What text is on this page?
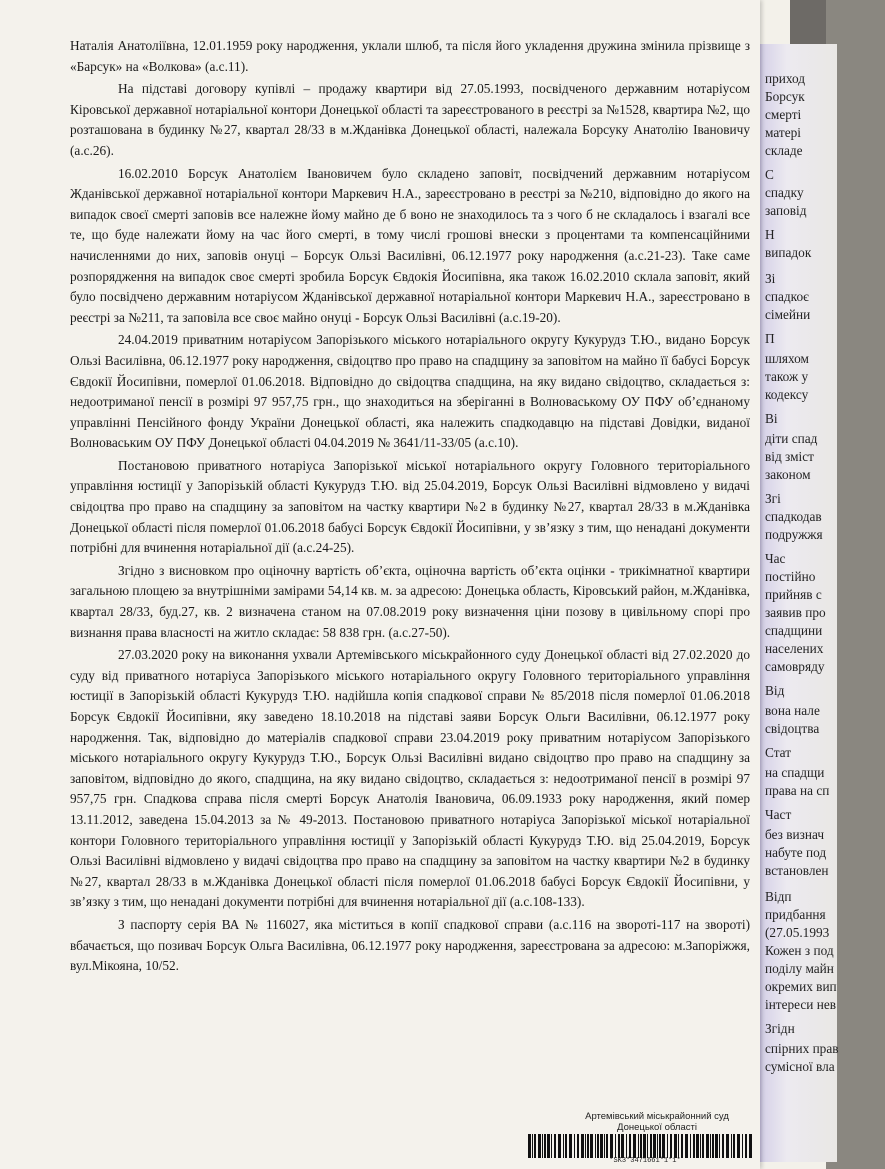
приход
Борсук
смерті
матері
складе
С
спадку
заповід
Н
випадок
Зі
спадкоє
сімейни
П
шляхом
також у
кодексу
Ві
діти спад
від зміст
законом
Згі
спадкодав
подружжя
Час
постійно
прийняв с
заявив про
спадщини
населених
самовряду
Від
вона нале
свідоцтва
Стат
на спадщи
права на сп
Част
без визнач
набуте под
встановлен
Відп
придбання
(27.05.1993
Кожен з под
поділу майн
окремих вип
інтереси нев
Згідн
спірних прав
сумісної вла

Наталія Анатоліївна, 12.01.1959 року народження, уклали шлюб, та після його укладення дружина змінила прізвище з «Барсук» на «Волкова» (а.с.11).

На підставі договору купівлі – продажу квартири від 27.05.1993, посвідченого державним нотаріусом Кіровської державної нотаріальної контори Донецької області та зареєстрованого в реєстрі за №1528, квартира №2, що розташована в будинку №27, квартал 28/33 в м.Жданівка Донецької області, належала Борсуку Анатолію Івановичу (а.с.26).

16.02.2010 Борсук Анатолієм Івановичем було складено заповіт, посвідчений державним нотаріусом Жданівської державної нотаріальної контори Маркевич Н.А., зареєстровано в реєстрі за №210, відповідно до якого на випадок своєї смерті заповів все належне йому майно де б воно не знаходилось та з чого б не складалось і взагалі все те, що буде належати йому на час його смерті, в тому числі грошові внески з процентами та компенсаційними начисленнями до них, заповів онуці – Борсук Ользі Василівні, 06.12.1977 року народження (а.с.21-23). Таке саме розпорядження на випадок своє смерті зробила Борсук Євдокія Йосипівна, яка також 16.02.2010 склала заповіт, який було посвідчено державним нотаріусом Жданівської державної нотаріальної контори Маркевич Н.А., зареєстровано в реєстрі за №211, та заповіла все своє майно онуці - Борсук Ользі Василівні (а.с.19-20).

24.04.2019 приватним нотаріусом Запорізького міського нотаріального округу Кукурудз Т.Ю., видано Борсук Ользі Василівна, 06.12.1977 року народження, свідоцтво про право на спадщину за заповітом на майно її бабусі Борсук Євдокії Йосипівни, померлої 01.06.2018. Відповідно до свідоцтва спадщина, на яку видано свідоцтво, складається з: недоотриманої пенсії в розмірі 97 957,75 грн., що знаходиться на зберіганні в Волноваському ОУ ПФУ об’єднаному управлінні Пенсійного фонду України Донецької області, яка належить спадкодавцю на підставі Довідки, виданої Волноваським ОУ ПФУ Донецької області 04.04.2019 № 3641/11-33/05 (а.с.10).

Постановою приватного нотаріуса Запорізької міської нотаріального округу Головного територіального управління юстиції у Запорізькій області Кукурудз Т.Ю. від 25.04.2019, Борсук Ользі Василівні відмовлено у видачі свідоцтва про право на спадщину за заповітом на частку квартири №2 в будинку №27, квартал 28/33 в м.Жданівка Донецької області після померлої 01.06.2018 бабусі Борсук Євдокії Йосипівни, у зв’язку з тим, що ненадані документи потрібні для вчинення нотаріальної дії (а.с.24-25).

Згідно з висновком про оціночну вартість об’єкта, оціночна вартість об’єкта оцінки - трикімнатної квартири загальною площею за внутрішніми замірами 54,14 кв. м. за адресою: Донецька область, Кіровський район, м.Жданівка, квартал 28/33, буд.27, кв. 2 визначена станом на 07.08.2019 року визначення ціни позову в цивільному спорі про визнання права власності на житло складає: 58 838 грн. (а.с.27-50).

27.03.2020 року на виконання ухвали Артемівського міськрайонного суду Донецької області від 27.02.2020 до суду від приватного нотаріуса Запорізького міського нотаріального округу Головного територіального управління юстиції в Запорізькій області Кукурудз Т.Ю. надійшла копія спадкової справи № 85/2018 після померлої 01.06.2018 Борсук Євдокії Йосипівни, яку заведено 18.10.2018 на підставі заяви Борсук Ольги Василівни, 06.12.1977 року народження. Так, відповідно до матеріалів спадкової справи 23.04.2019 року приватним нотаріусом Запорізького міського нотаріального округу Кукурудз Т.Ю., Борсук Ользі Василівні видано свідоцтво про право на спадщину за заповітом, відповідно до якого, спадщина, на яку видано свідоцтво, складається з: недоотриманої пенсії в розмірі 97 957,75 грн. Спадкова справа після смерті Борсук Анатолія Івановича, 06.09.1933 року народження, який помер 13.11.2012, заведена 15.04.2013 за № 49-2013. Постановою приватного нотаріуса Запорізької міської нотаріальної контори Головного територіального управління юстиції у Запорізькій області Кукурудз Т.Ю. від 25.04.2019, Борсук Ользі Василівні відмовлено у видачі свідоцтва про право на спадщину за заповітом на частку квартири №2 в будинку №27, квартал 28/33 в м.Жданівка Донецької області після померлої 01.06.2018 бабусі Борсук Євдокії Йосипівни, у зв’язку з тим, що ненадані документи потрібні для вчинення нотаріальної дії (а.с.108-133).

З паспорту серія ВА № 116027, яка міститься в копії спадкової справи (а.с.116 на звороті-117 на звороті) вбачається, що позивач Борсук Ольга Василівна, 06.12.1977 року народження, зареєстрована за адресою: м.Запоріжжя, вул.Мікояна, 10/52.

Артемівський міськрайонний суд
Донецької області
*SK3*3471661*1*1*
